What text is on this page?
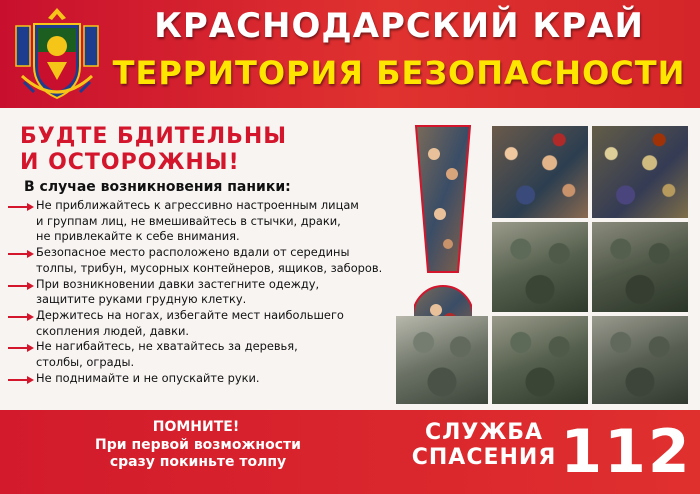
КРАСНОДАРСКИЙ КРАЙ
ТЕРРИТОРИЯ БЕЗОПАСНОСТИ
БУДТЕ БДИТЕЛЬНЫ
И ОСТОРОЖНЫ!
В случае возникновения паники:
Не приближайтесь к агрессивно настроенным лицам
и группам лиц, не вмешивайтесь в стычки, драки,
не привлекайте к себе внимания.
Безопасное место расположено вдали от середины
толпы, трибун, мусорных контейнеров, ящиков, заборов.
При возникновении давки застегните одежду,
защитите руками грудную клетку.
Держитесь на ногах, избегайте мест наибольшего
скопления людей, давки.
Не нагибайтесь, не хватайтесь за деревья,
столбы, ограды.
Не поднимайте и не опускайте руки.
ПОМНИТЕ!
При первой возможности
сразу покиньте толпу
СЛУЖБА
СПАСЕНИЯ 112
